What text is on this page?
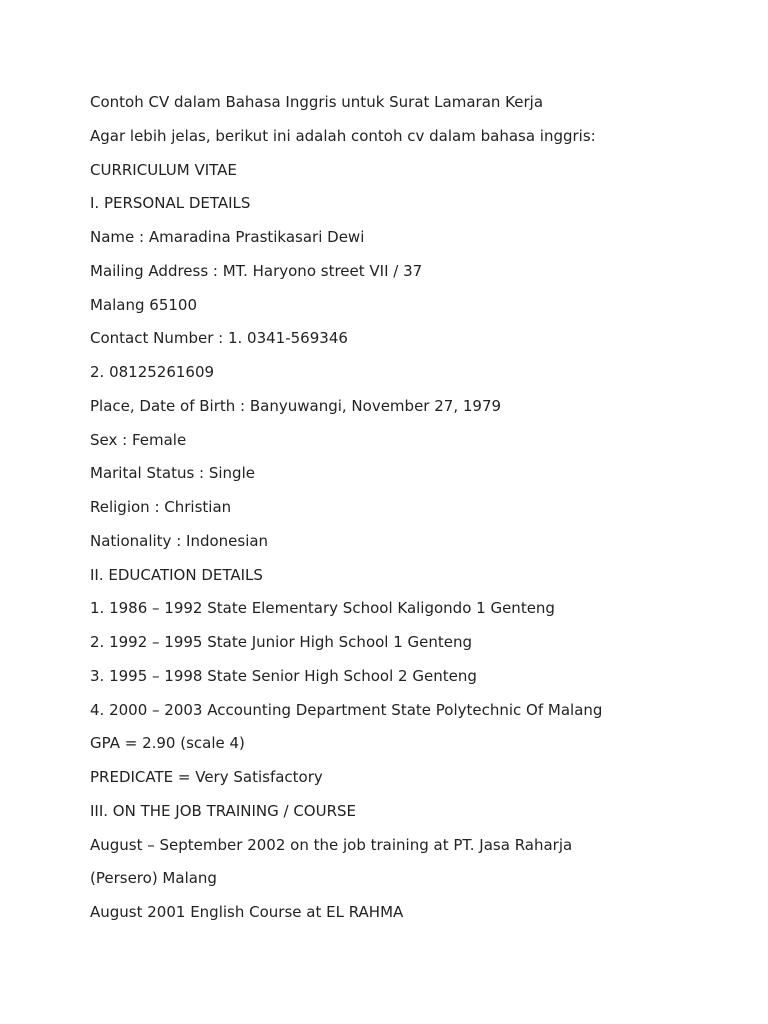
Contoh CV dalam Bahasa Inggris untuk Surat Lamaran Kerja
Agar lebih jelas, berikut ini adalah contoh cv dalam bahasa inggris:
CURRICULUM VITAE
I. PERSONAL DETAILS
Name : Amaradina Prastikasari Dewi
Mailing Address : MT. Haryono street VII / 37
Malang 65100
Contact Number : 1. 0341-569346
2. 08125261609
Place, Date of Birth : Banyuwangi, November 27, 1979
Sex : Female
Marital Status : Single
Religion : Christian
Nationality : Indonesian
II. EDUCATION DETAILS
1. 1986 – 1992 State Elementary School Kaligondo 1 Genteng
2. 1992 – 1995 State Junior High School 1 Genteng
3. 1995 – 1998 State Senior High School 2 Genteng
4. 2000 – 2003 Accounting Department State Polytechnic Of Malang
GPA = 2.90 (scale 4)
PREDICATE = Very Satisfactory
III. ON THE JOB TRAINING / COURSE
August – September 2002 on the job training at PT. Jasa Raharja
(Persero) Malang
August 2001 English Course at EL RAHMA
